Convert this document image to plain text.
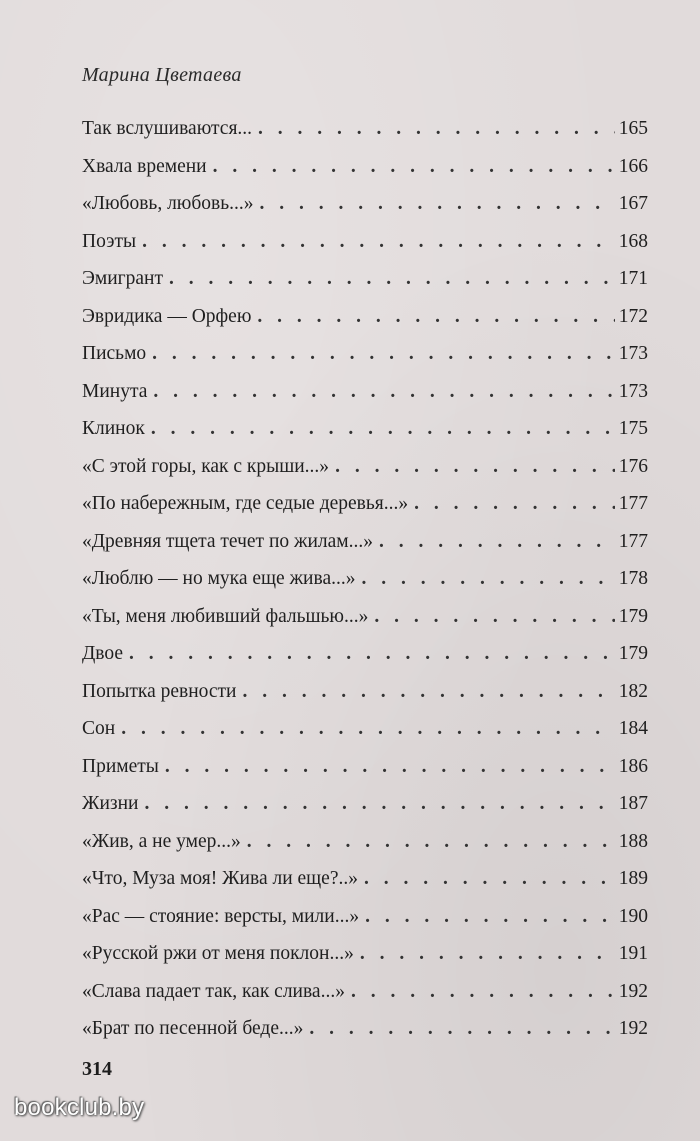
Марина Цветаева
Так вслушиваются... . . .	165
Хвала времени . . .	166
«Любовь, любовь...» . . .	167
Поэты . . .	168
Эмигрант . . .	171
Эвридика — Орфею . . .	172
Письмо . . .	173
Минута . . .	173
Клинок . . .	175
«С этой горы, как с крыши...» . . .	176
«По набережным, где седые деревья...» . . .	177
«Древняя тщета течет по жилам...» . . .	177
«Люблю — но мука еще жива...» . . .	178
«Ты, меня любивший фальшью...» . . .	179
Двое . . .	179
Попытка ревности . . .	182
Сон . . .	184
Приметы . . .	186
Жизни . . .	187
«Жив, а не умер...» . . .	188
«Что, Муза моя! Жива ли еще?..» . . .	189
«Рас — стояние: версты, мили...» . . .	190
«Русской ржи от меня поклон...» . . .	191
«Слава падает так, как слива...» . . .	192
«Брат по песенной беде...» . . .	192
314
bookclub.by
